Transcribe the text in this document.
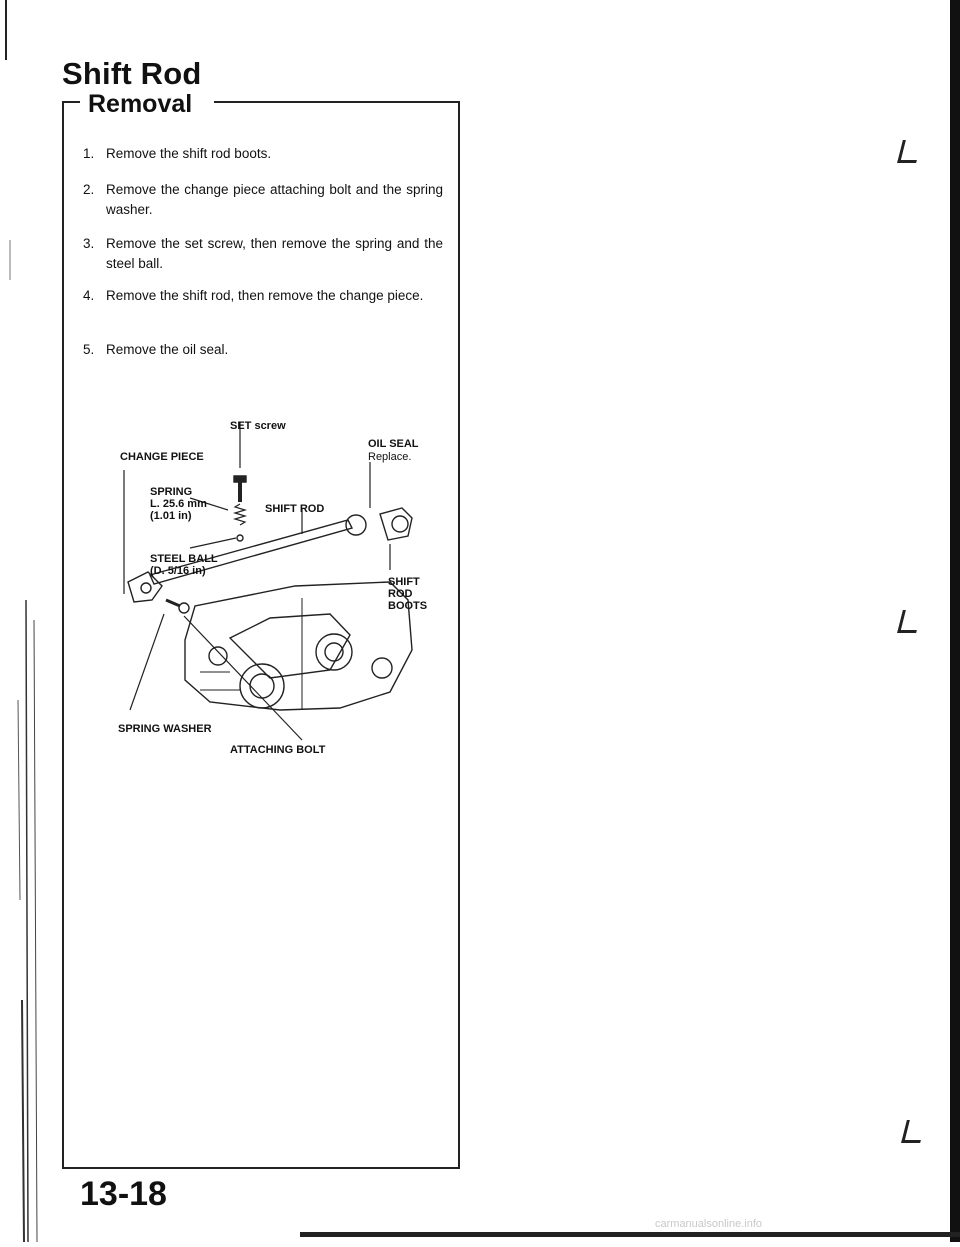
Shift Rod
Removal
1. Remove the shift rod boots.
2. Remove the change piece attaching bolt and the spring washer.
3. Remove the set screw, then remove the spring and the steel ball.
4. Remove the shift rod, then remove the change piece.
5. Remove the oil seal.
SET screw
OIL SEAL
Replace.
CHANGE PIECE
SPRING
L. 25.6 mm
(1.01 in)
SHIFT ROD
STEEL BALL
(D. 5/16 in)
SHIFT
ROD
BOOTS
SPRING WASHER
ATTACHING BOLT
13-18
carmanualsonline.info
